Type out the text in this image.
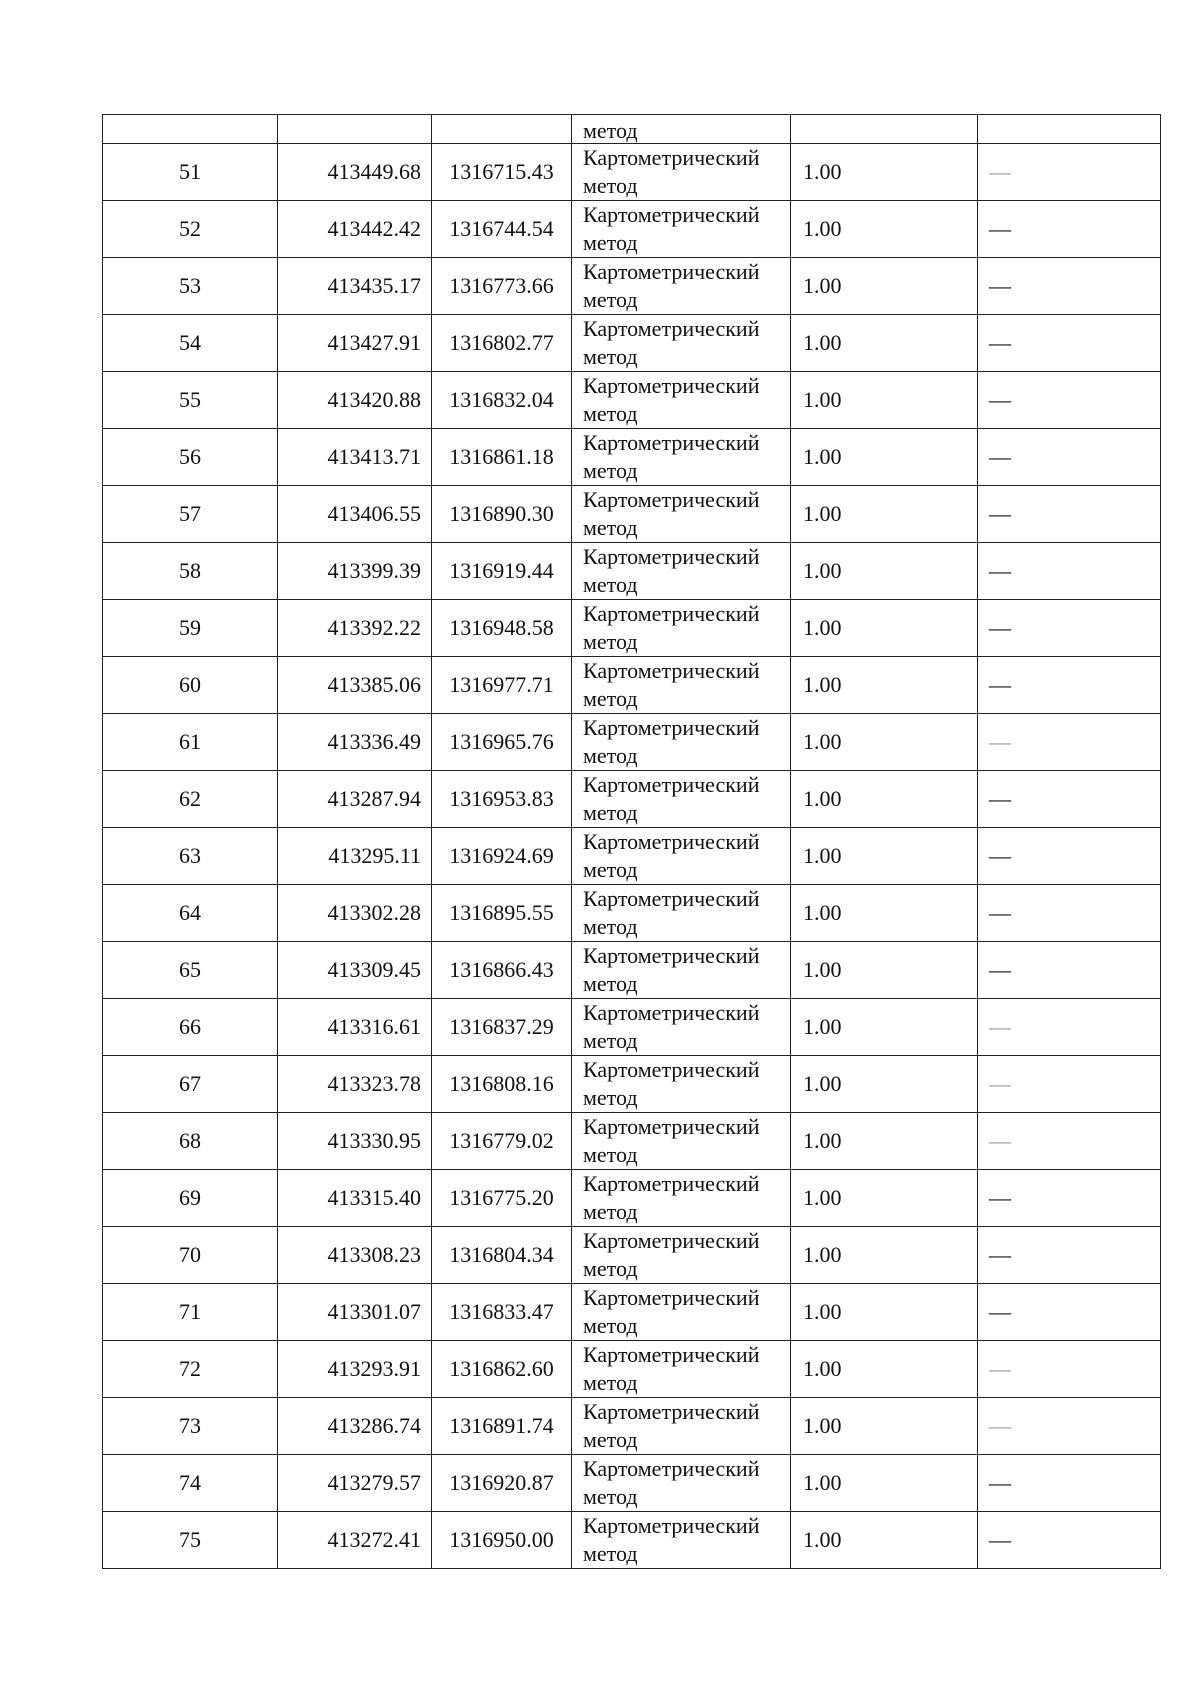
			метод		

51	413449.68	1316715.43	Картометрический
метод	1.00	—
52	413442.42	1316744.54	Картометрический
метод	1.00	—
53	413435.17	1316773.66	Картометрический
метод	1.00	—
54	413427.91	1316802.77	Картометрический
метод	1.00	—
55	413420.88	1316832.04	Картометрический
метод	1.00	—
56	413413.71	1316861.18	Картометрический
метод	1.00	—
57	413406.55	1316890.30	Картометрический
метод	1.00	—
58	413399.39	1316919.44	Картометрический
метод	1.00	—
59	413392.22	1316948.58	Картометрический
метод	1.00	—
60	413385.06	1316977.71	Картометрический
метод	1.00	—
61	413336.49	1316965.76	Картометрический
метод	1.00	—
62	413287.94	1316953.83	Картометрический
метод	1.00	—
63	413295.11	1316924.69	Картометрический
метод	1.00	—
64	413302.28	1316895.55	Картометрический
метод	1.00	—
65	413309.45	1316866.43	Картометрический
метод	1.00	—
66	413316.61	1316837.29	Картометрический
метод	1.00	—
67	413323.78	1316808.16	Картометрический
метод	1.00	—
68	413330.95	1316779.02	Картометрический
метод	1.00	—
69	413315.40	1316775.20	Картометрический
метод	1.00	—
70	413308.23	1316804.34	Картометрический
метод	1.00	—
71	413301.07	1316833.47	Картометрический
метод	1.00	—
72	413293.91	1316862.60	Картометрический
метод	1.00	—
73	413286.74	1316891.74	Картометрический
метод	1.00	—
74	413279.57	1316920.87	Картометрический
метод	1.00	—
75	413272.41	1316950.00	Картометрический
метод	1.00	—
